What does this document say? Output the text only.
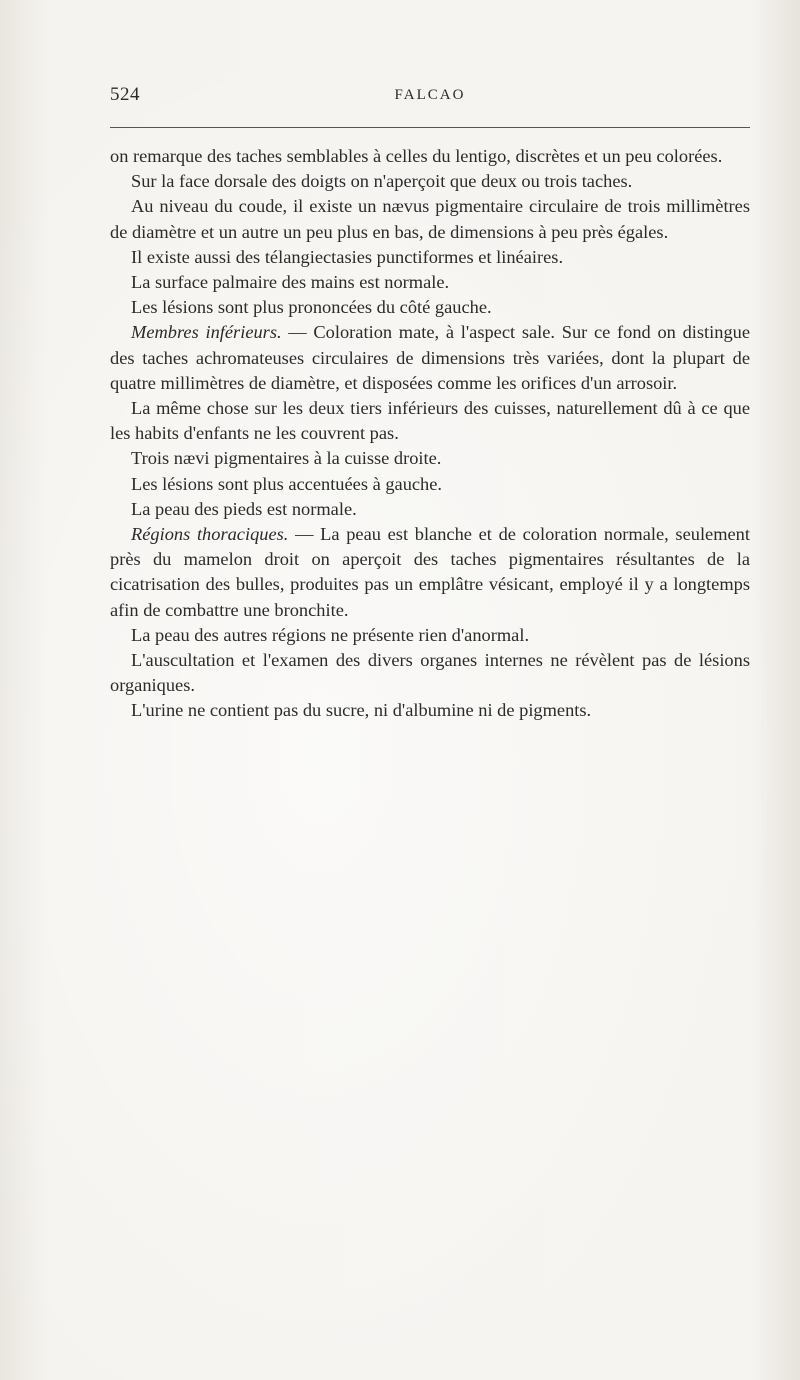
524	FALCAO

on remarque des taches semblables à celles du lentigo, discrètes et un peu colorées.

Sur la face dorsale des doigts on n'aperçoit que deux ou trois taches.

Au niveau du coude, il existe un nævus pigmentaire circulaire de trois millimètres de diamètre et un autre un peu plus en bas, de dimensions à peu près égales.

Il existe aussi des télangiectasies punctiformes et linéaires.

La surface palmaire des mains est normale.

Les lésions sont plus prononcées du côté gauche.

Membres inférieurs. — Coloration mate, à l'aspect sale. Sur ce fond on distingue des taches achromateuses circulaires de dimensions très variées, dont la plupart de quatre millimètres de diamètre, et disposées comme les orifices d'un arrosoir.

La même chose sur les deux tiers inférieurs des cuisses, naturellement dû à ce que les habits d'enfants ne les couvrent pas.

Trois nævi pigmentaires à la cuisse droite.

Les lésions sont plus accentuées à gauche.

La peau des pieds est normale.

Régions thoraciques. — La peau est blanche et de coloration normale, seulement près du mamelon droit on aperçoit des taches pigmentaires résultantes de la cicatrisation des bulles, produites pas un emplâtre vésicant, employé il y a longtemps afin de combattre une bronchite.

La peau des autres régions ne présente rien d'anormal.

L'auscultation et l'examen des divers organes internes ne révèlent pas de lésions organiques.

L'urine ne contient pas du sucre, ni d'albumine ni de pigments.
